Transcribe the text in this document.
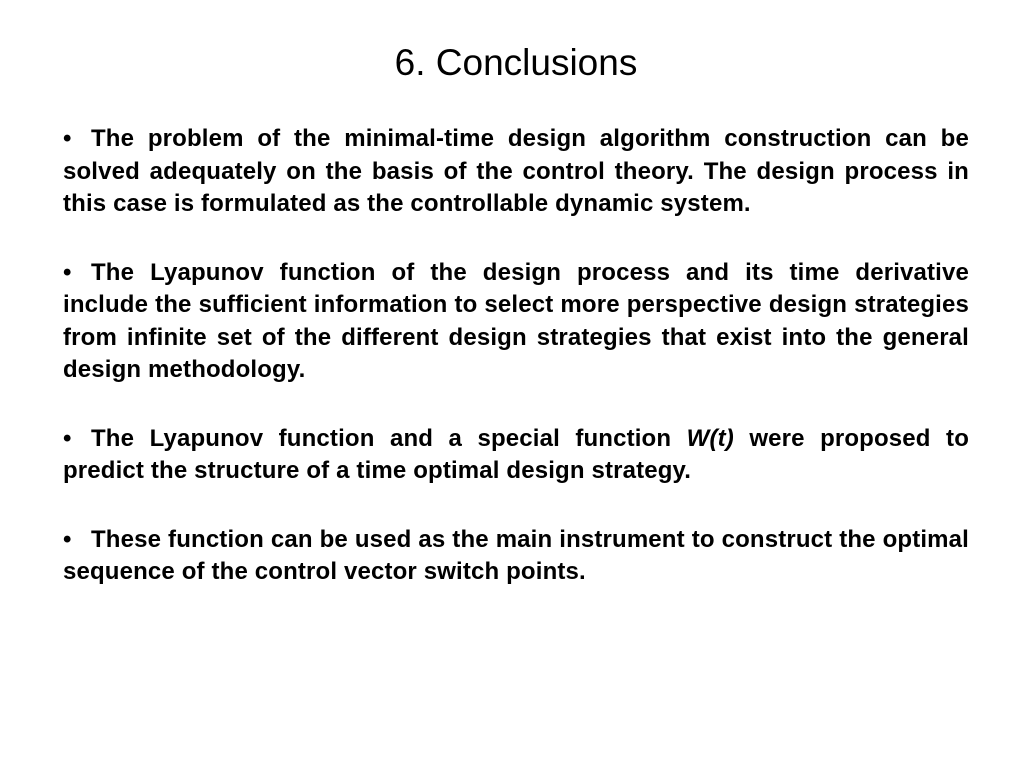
6. Conclusions
• The problem of the minimal-time design algorithm construction can be solved adequately on the basis of the control theory. The design process in this case is formulated as the controllable dynamic system.
• The Lyapunov function of the design process and its time derivative include the sufficient information to select more perspective design strategies from infinite set of the different design strategies that exist into the general design methodology.
• The Lyapunov function and a special function W(t) were proposed to predict the structure of a time optimal design strategy.
• These function can be used as the main instrument to construct the optimal sequence of the control vector switch points.
